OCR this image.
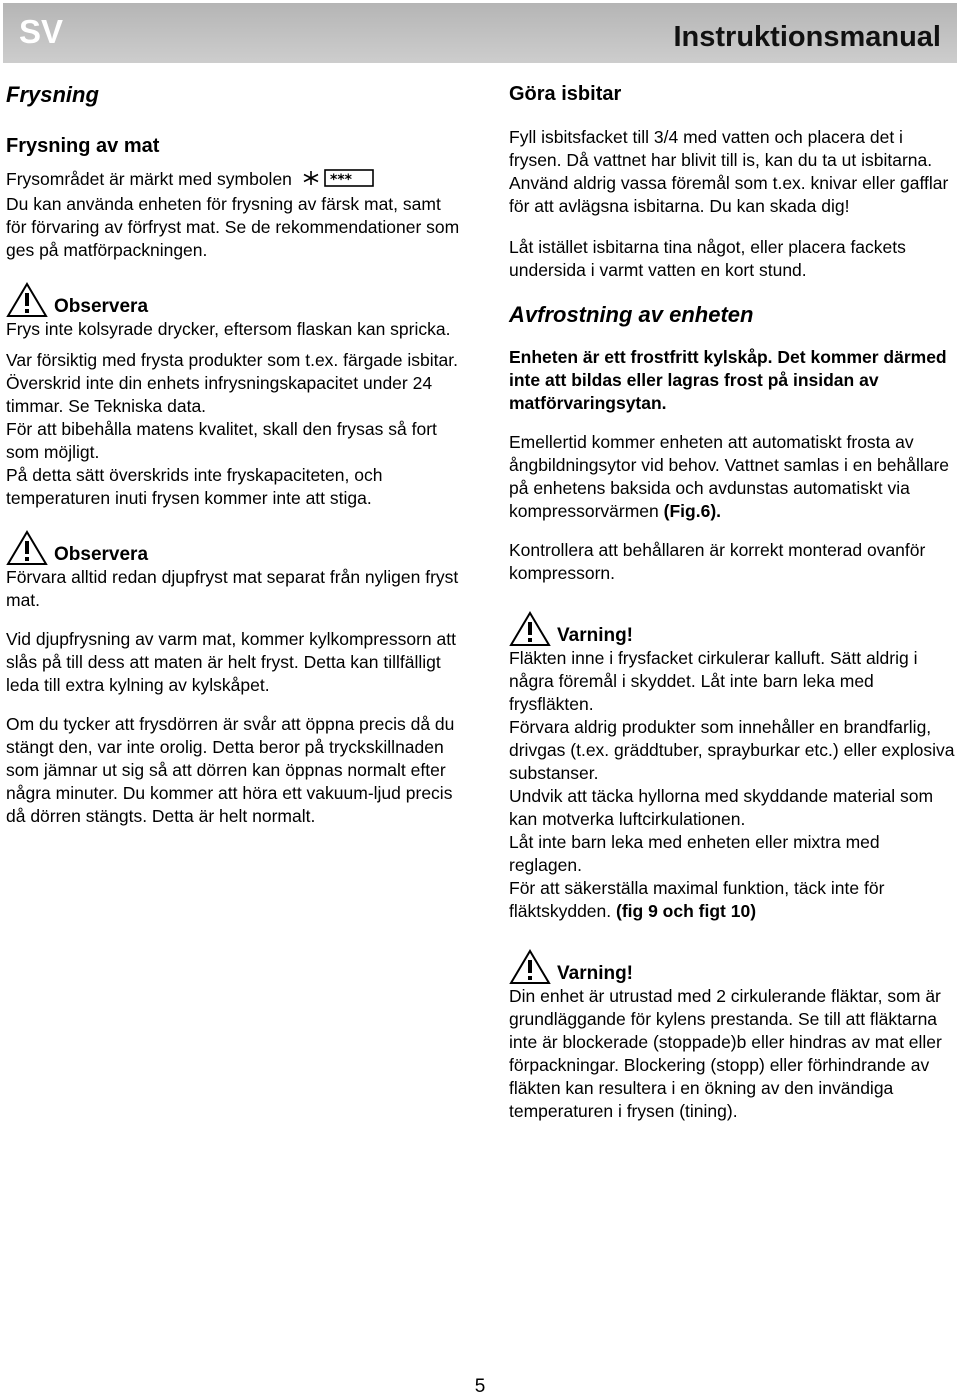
SV	Instruktionsmanual
Frysning
Frysning av mat

Frysområdet är märkt med symbolen	***

Du kan använda enheten för frysning av färsk mat, samt för förvaring av förfryst mat. Se de rekommendationer som ges på matförpackningen.

Observera

Frys inte kolsyrade drycker, eftersom flaskan kan spricka.

Var försiktig med frysta produkter som t.ex. färgade isbitar.

Överskrid inte din enhets infrysningskapacitet under 24 timmar. Se Tekniska data.

För att bibehålla matens kvalitet, skall den frysas så fort som möjligt.

På detta sätt överskrids inte fryskapaciteten, och temperaturen inuti frysen kommer inte att stiga.

Observera

Förvara alltid redan djupfryst mat separat från nyligen fryst mat.

Vid djupfrysning av varm mat, kommer kylkompressorn att slås på till dess att maten är helt fryst. Detta kan tillfälligt leda till extra kylning av kylskåpet.

Om du tycker att frysdörren är svår att öppna precis då du stängt den, var inte orolig. Detta beror på tryckskillnaden som jämnar ut sig så att dörren kan öppnas normalt efter några minuter. Du kommer att höra ett vakuum-ljud precis då dörren stängts. Detta är helt normalt.

Göra isbitar

Fyll isbitsfacket till 3/4 med vatten och placera det i frysen. Då vattnet har blivit till is, kan du ta ut isbitarna. Använd aldrig vassa föremål som t.ex. knivar eller gafflar för att avlägsna isbitarna. Du kan skada dig!

Låt istället isbitarna tina något, eller placera fackets undersida i varmt vatten en kort stund.

Avfrostning av enheten

Enheten är ett frostfritt kylskåp. Det kommer därmed inte att bildas eller lagras frost på insidan av matförvaringsytan.

Emellertid kommer enheten att automatiskt frosta av ångbildningsytor vid behov. Vattnet samlas i en behållare på enhetens baksida och avdunstas automatiskt via kompressorvärmen (Fig.6).

Kontrollera att behållaren är korrekt monterad ovanför kompressorn.

Varning!

Fläkten inne i frysfacket cirkulerar kalluft. Sätt aldrig i några föremål i skyddet. Låt inte barn leka med frysfläkten.

Förvara aldrig produkter som innehåller en brandfarlig, drivgas (t.ex. gräddtuber, sprayburkar etc.) eller explosiva substanser.

Undvik att täcka hyllorna med skyddande material som kan motverka luftcirkulationen.

Låt inte barn leka med enheten eller mixtra med reglagen.

För att säkerställa maximal funktion, täck inte för fläktskydden. (fig 9 och figt 10)

Varning!

Din enhet är utrustad med 2 cirkulerande fläktar, som är grundläggande för kylens prestanda. Se till att fläktarna inte är blockerade (stoppade)b eller hindras av mat eller förpackningar. Blockering (stopp) eller förhindrande av fläkten kan resultera i en ökning av den invändiga temperaturen i frysen (tining).

5
